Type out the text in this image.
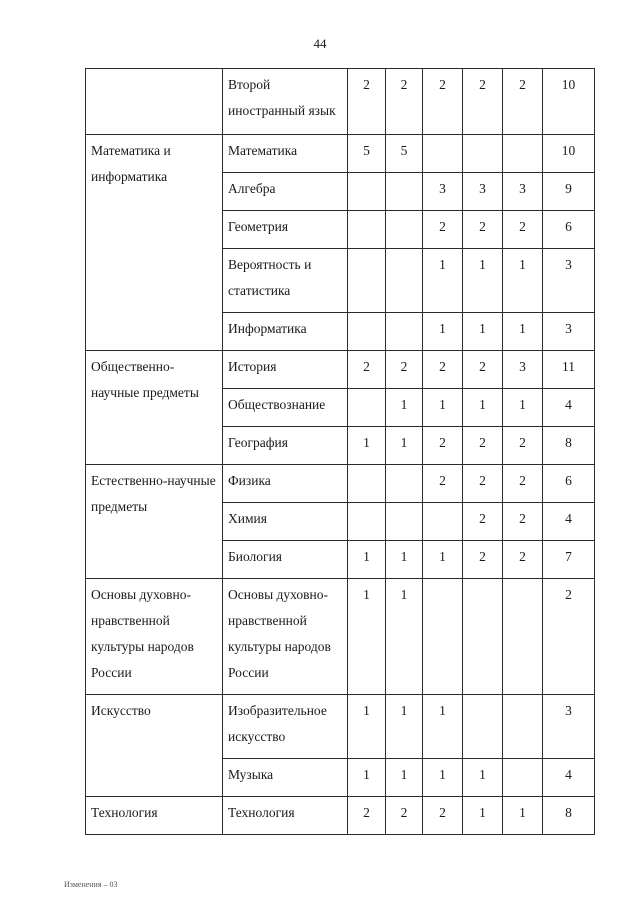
44
	Второй иностранный язык	2	2	2	2	2	10
Математика и информатика	Математика	5	5				10
	Алгебра			3	3	3	9
	Геометрия			2	2	2	6
	Вероятность и статистика			1	1	1	3
	Информатика			1	1	1	3
Общественно-научные предметы	История	2	2	2	2	3	11
	Обществознание		1	1	1	1	4
	География	1	1	2	2	2	8
Естественно-научные предметы	Физика			2	2	2	6
	Химия				2	2	4
	Биология	1	1	1	2	2	7
Основы духовно-нравственной культуры народов России	Основы духовно-нравственной культуры народов России	1	1				2
Искусство	Изобразительное искусство	1	1	1			3
	Музыка	1	1	1	1		4
Технология	Технология	2	2	2	1	1	8
Изменения – 03
